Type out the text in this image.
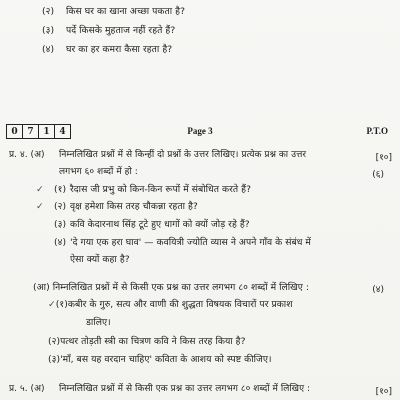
(२) किस घर का खाना अच्छा पकता है?
(३) पर्दे किसके मुहताज नहीं रहते हैं?
(४) घर का हर कमरा कैसा रहता है?
0	7	1	4	Page 3	P.T.O
प्र. ४. (अ) निम्नलिखित प्रश्नों में से किन्हीं दो प्रश्नों के उत्तर लिखिए। प्रत्येक प्रश्न का उत्तर	[१०]
लगभग ६० शब्दों में हो :	(६)
✓ (१) रैदास जी प्रभु को किन-किन रूपों में संबोधित करते हैं?
✓ (२) वृक्ष हमेशा किस तरह चौकन्ना रहता है?
(३) कवि केदारनाथ सिंह टूटे हुए धागों को क्यों जोड़ रहे हैं?
(४) 'दे गया एक हरा घाव' — कवयित्री ज्योति व्यास ने अपने गाँव के संबंध में
ऐसा क्यों कहा है?
(आ) निम्नलिखित प्रश्नों में से किसी एक प्रश्न का उत्तर लगभग ८० शब्दों में लिखिए :	(४)
✓(१)कबीर के गुरु, सत्य और वाणी की शुद्धता विषयक विचारों पर प्रकाश
डालिए।
(२)पत्थर तोड़ती स्त्री का चित्रण कवि ने किस तरह किया है?
(३)'माँ, बस यह वरदान चाहिए' कविता के आशय को स्पष्ट कीजिए।
प्र. ५. (अ) निम्नलिखित प्रश्नों में से किसी एक प्रश्न का उत्तर लगभग ८० शब्दों में लिखिए :	[१०]
